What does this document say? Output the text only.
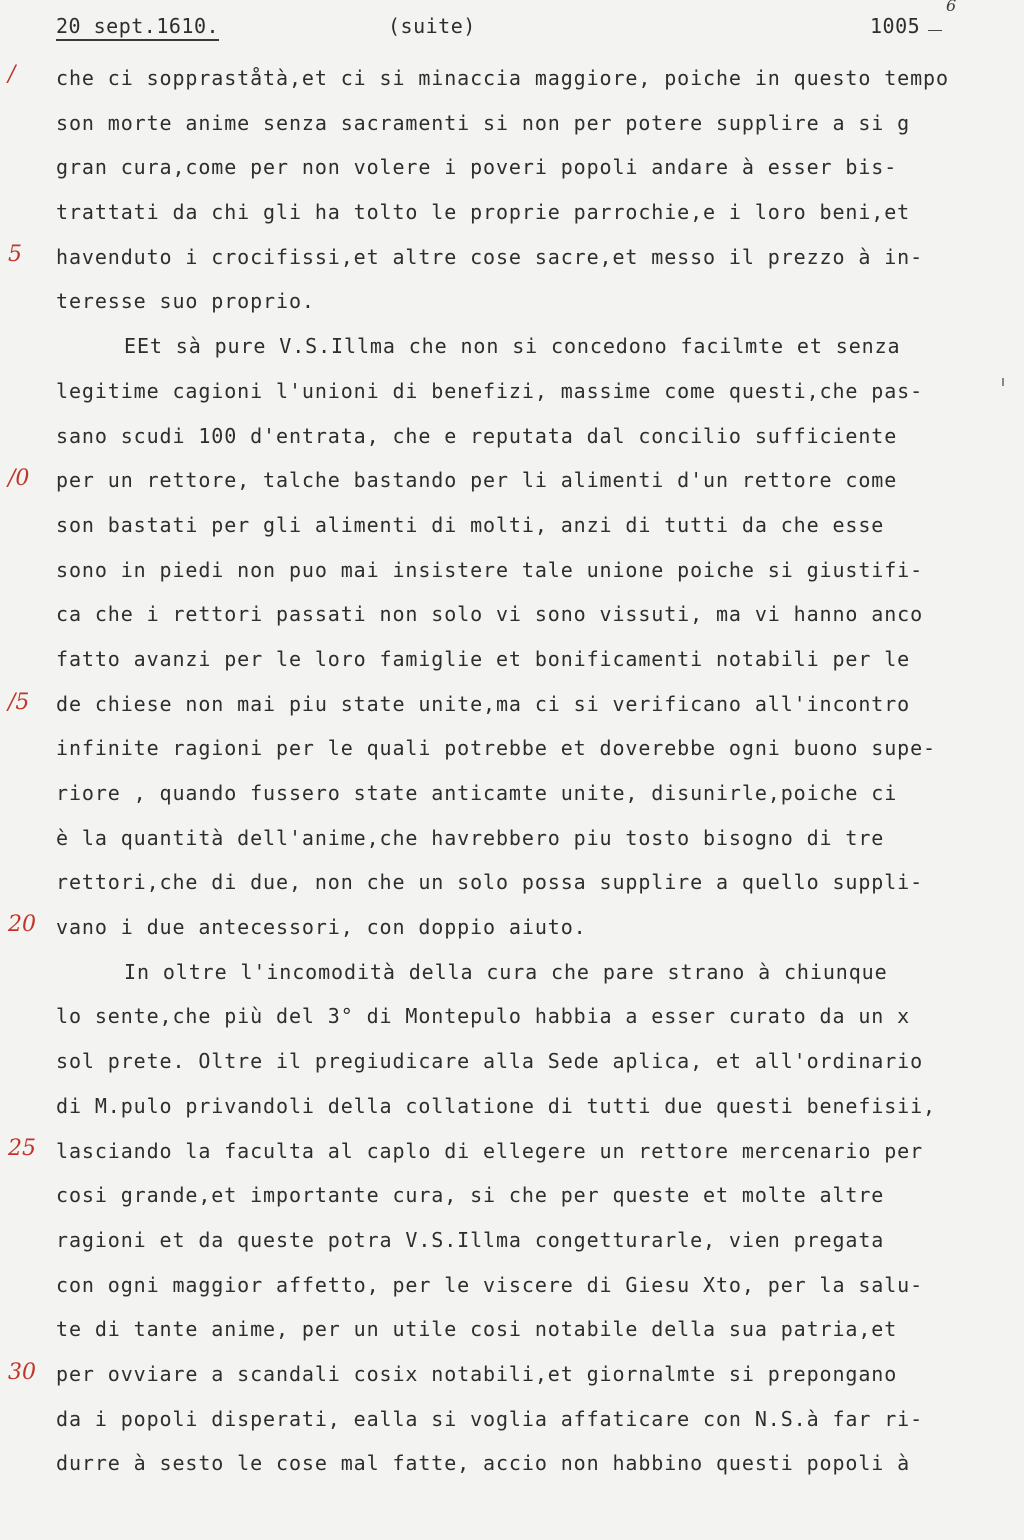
20 sept.1610.	(suite)	1005
6
/
5
/0
/5
20
25
30
che ci soppraståtà,et ci si minaccia maggiore, poiche in questo tempo
son morte anime senza sacramenti si non per potere supplire a si g
gran cura,come per non volere i poveri popoli andare à esser bis-
trattati da chi gli ha tolto le proprie parrochie,e i loro beni,et
havenduto i crocifissi,et altre cose sacre,et messo il prezzo à in-
teresse suo proprio.
EEt sà pure V.S.Illma che non si concedono facilmte et senza
legitime cagioni l'unioni di benefizi, massime come questi,che pas-
sano scudi 100 d'entrata, che e reputata dal concilio sufficiente
per un rettore, talche bastando per li alimenti d'un rettore come
son bastati per gli alimenti di molti, anzi di tutti da che esse
sono in piedi non puo mai insistere tale unione poiche si giustifi-
ca che i rettori passati non solo vi sono vissuti, ma vi hanno anco
fatto avanzi per le loro famiglie et bonificamenti notabili per le
de chiese non mai piu state unite,ma ci si verificano all'incontro
infinite ragioni per le quali potrebbe et doverebbe ogni buono supe-
riore , quando fussero state anticamte unite, disunirle,poiche ci
è la quantità dell'anime,che havrebbero piu tosto bisogno di tre
rettori,che di due, non che un solo possa supplire a quello suppli-
vano i due antecessori, con doppio aiuto.
In oltre l'incomodità della cura che pare strano à chiunque
lo sente,che più del 3° di Montepulo habbia a esser curato da un x
sol prete. Oltre il pregiudicare alla Sede aplica, et all'ordinario
di M.pulo privandoli della collatione di tutti due questi benefisii,
lasciando la faculta al caplo di ellegere un rettore mercenario per
cosi grande,et importante cura, si che per queste et molte altre
ragioni et da queste potra V.S.Illma congetturarle, vien pregata
con ogni maggior affetto, per le viscere di Giesu Xto, per la salu-
te di tante anime, per un utile cosi notabile della sua patria,et
per ovviare a scandali cosix notabili,et giornalmte si prepongano
da i popoli disperati, ealla si voglia affaticare con N.S.à far ri-
durre à sesto le cose mal fatte, accio non habbino questi popoli à
